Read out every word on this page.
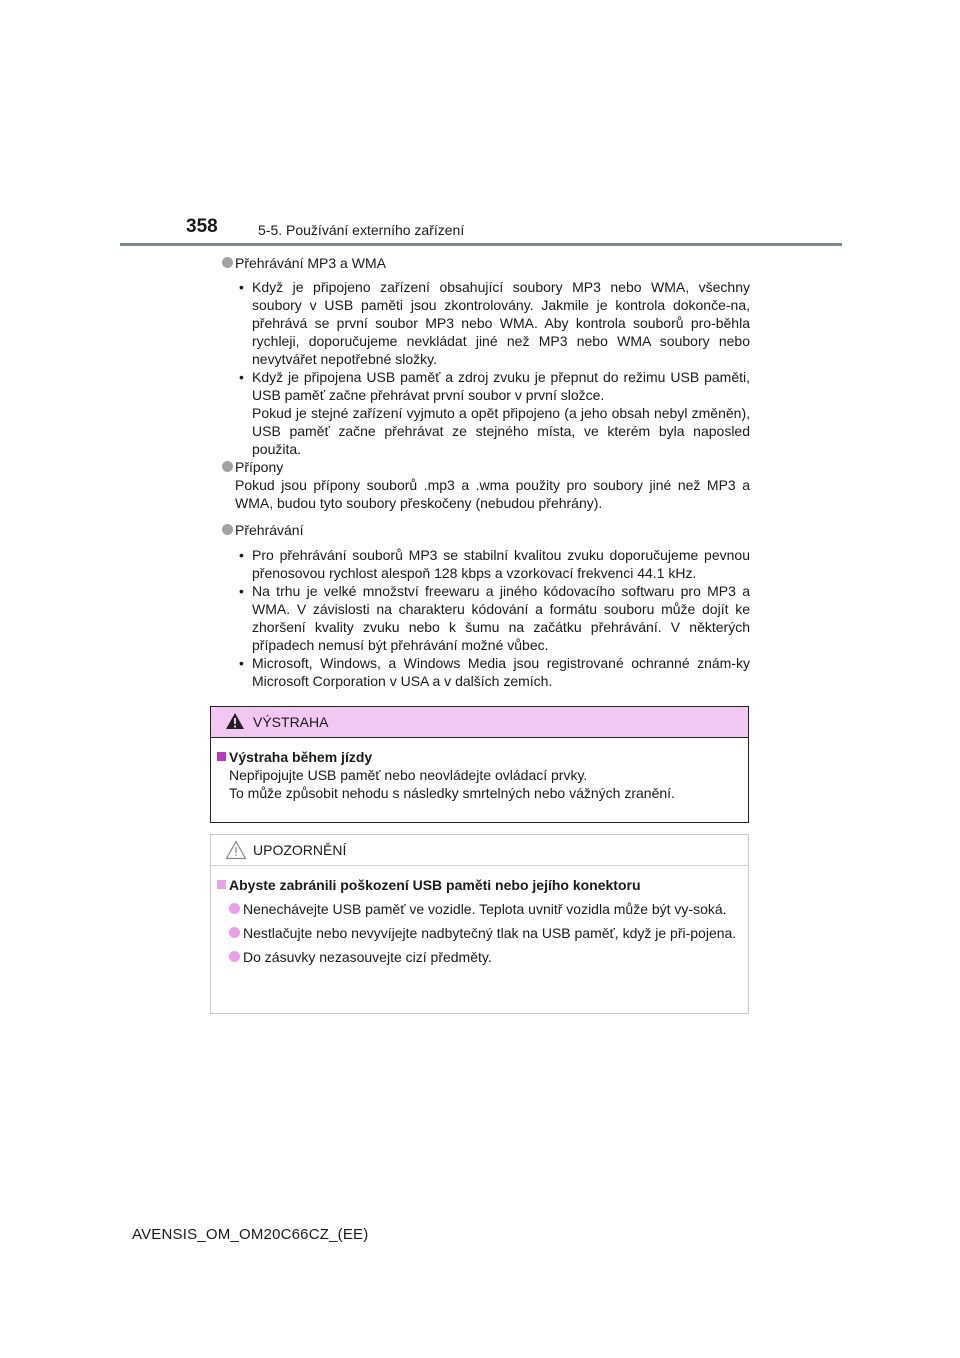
358	5-5. Používání externího zařízení
Přehrávání MP3 a WMA
• Když je připojeno zařízení obsahující soubory MP3 nebo WMA, všechny soubory v USB paměti jsou zkontrolovány. Jakmile je kontrola dokonče-na, přehrává se první soubor MP3 nebo WMA. Aby kontrola souborů pro-běhla rychleji, doporučujeme nevkládat jiné než MP3 nebo WMA soubory nebo nevytvářet nepotřebné složky.
• Když je připojena USB paměť a zdroj zvuku je přepnut do režimu USB paměti, USB paměť začne přehrávat první soubor v první složce.
Pokud je stejné zařízení vyjmuto a opět připojeno (a jeho obsah nebyl změněn), USB paměť začne přehrávat ze stejného místa, ve kterém byla naposled použita.
Přípony
Pokud jsou přípony souborů .mp3 a .wma použity pro soubory jiné než MP3 a WMA, budou tyto soubory přeskočeny (nebudou přehrány).
Přehrávání
• Pro přehrávání souborů MP3 se stabilní kvalitou zvuku doporučujeme pevnou přenosovou rychlost alespoň 128 kbps a vzorkovací frekvenci 44.1 kHz.
• Na trhu je velké množství freewaru a jiného kódovacího softwaru pro MP3 a WMA. V závislosti na charakteru kódování a formátu souboru může dojít ke zhoršení kvality zvuku nebo k šumu na začátku přehrávání. V některých případech nemusí být přehrávání možné vůbec.
• Microsoft, Windows, a Windows Media jsou registrované ochranné znám-ky Microsoft Corporation v USA a v dalších zemích.
VÝSTRAHA
Výstraha během jízdy
Nepřipojujte USB paměť nebo neovládejte ovládací prvky.
To může způsobit nehodu s následky smrtelných nebo vážných zranění.
UPOZORNĚNÍ
Abyste zabránili poškození USB paměti nebo jejího konektoru
Nenechávejte USB paměť ve vozidle. Teplota uvnitř vozidla může být vy-soká.
Nestlačujte nebo nevyvíjejte nadbytečný tlak na USB paměť, když je při-pojena.
Do zásuvky nezasouvejte cizí předměty.
AVENSIS_OM_OM20C66CZ_(EE)
